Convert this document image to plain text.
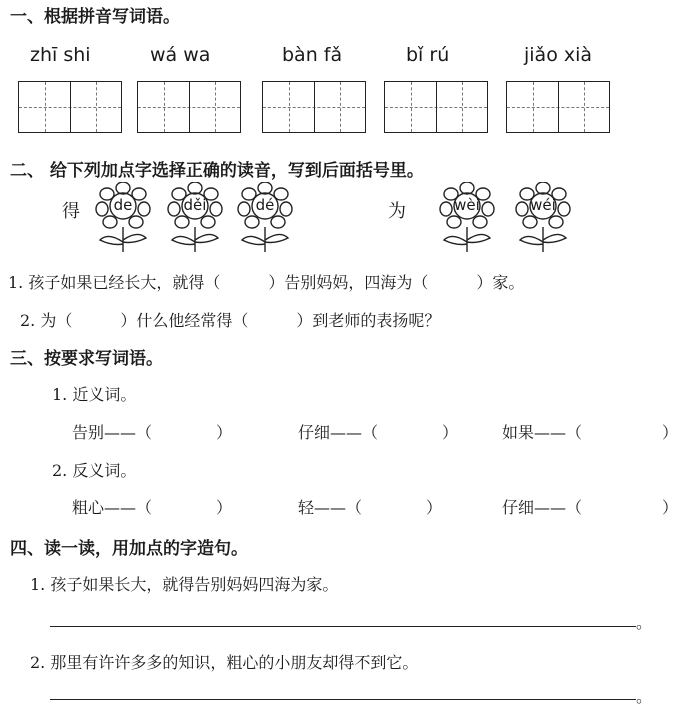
一、根据拼音写词语。
zhī shi	wá wa	bàn fǎ	bǐ rú	jiǎo xià
二、 给下列加点字选择正确的读音，写到后面括号里。
得	为
de	děi	dé	wèi	wéi
1. 孩子如果已经长大，就得（　　　）告别妈妈，四海为（　　　）家。
2. 为（　　　）什么他经常得（　　　）到老师的表扬呢？
三、按要求写词语。
1. 近义词。
告别——（　　　　）	仔细——（　　　　）	如果——（　　　　　）
2. 反义词。
粗心——（　　　　）	轻——（　　　　）	仔细——（　　　　　）
四、读一读，用加点的字造句。
1. 孩子如果长大，就得告别妈妈四海为家。
。
2. 那里有许许多多的知识，粗心的小朋友却得不到它。
。
